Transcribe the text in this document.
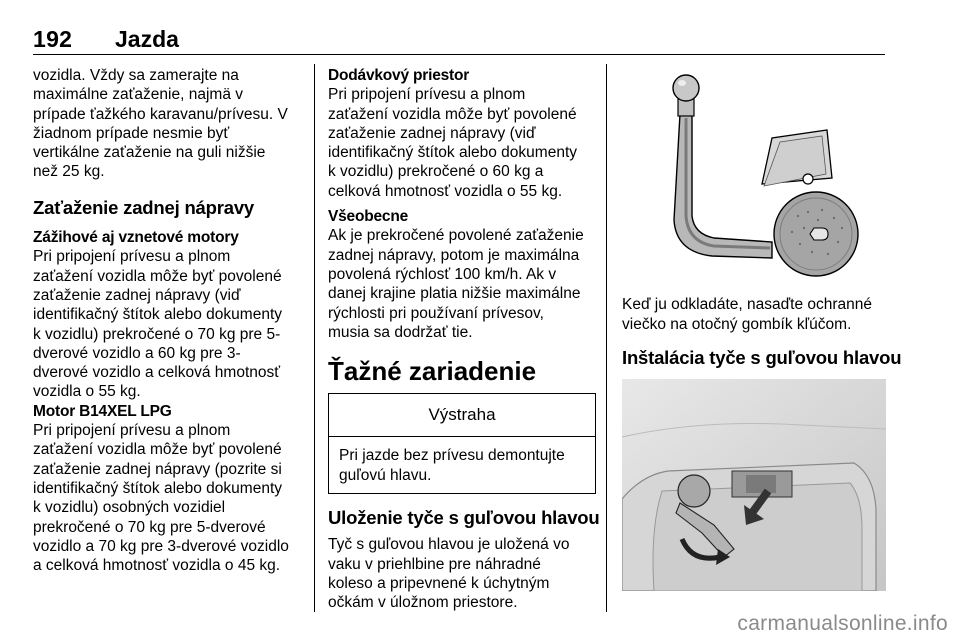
192 Jazda

vozidla. Vždy sa zamerajte na

maximálne zaťaženie, najmä v

prípade ťažkého karavanu/prívesu. V

žiadnom prípade nesmie byť

vertikálne zaťaženie na guli nižšie

než 25 kg.

Zaťaženie zadnej nápravy

Zážihové aj vznetové motory

Pri pripojení prívesu a plnom

zaťažení vozidla môže byť povolené

zaťaženie zadnej nápravy (viď

identifikačný štítok alebo dokumenty

k vozidlu) prekročené o 70 kg pre 5-

dverové vozidlo a 60 kg pre 3-

dverové vozidlo a celková hmotnosť

vozidla o 55 kg.

Motor B14XEL LPG

Pri pripojení prívesu a plnom

zaťažení vozidla môže byť povolené

zaťaženie zadnej nápravy (pozrite si

identifikačný štítok alebo dokumenty

k vozidlu) osobných vozidiel

prekročené o 70 kg pre 5-dverové

vozidlo a 70 kg pre 3-dverové vozidlo

a celková hmotnosť vozidla o 45 kg.

Dodávkový priestor

Pri pripojení prívesu a plnom

zaťažení vozidla môže byť povolené

zaťaženie zadnej nápravy (viď

identifikačný štítok alebo dokumenty

k vozidlu) prekročené o 60 kg a

celková hmotnosť vozidla o 55 kg.

Všeobecne

Ak je prekročené povolené zaťaženie

zadnej nápravy, potom je maximálna

povolená rýchlosť 100 km/h. Ak v

danej krajine platia nižšie maximálne

rýchlosti pri používaní prívesov,

musia sa dodržať tie.

Ťažné zariadenie

Výstraha

Pri jazde bez prívesu demontujte

guľovú hlavu.

Uloženie tyče s guľovou hlavou

Tyč s guľovou hlavou je uložená vo

vaku v priehlbine pre náhradné

koleso a pripevnené k úchytným

očkám v úložnom priestore.

Keď ju odkladáte, nasaďte ochranné

viečko na otočný gombík kľúčom.

Inštalácia tyče s guľovou hlavou

carmanualsonline.info
